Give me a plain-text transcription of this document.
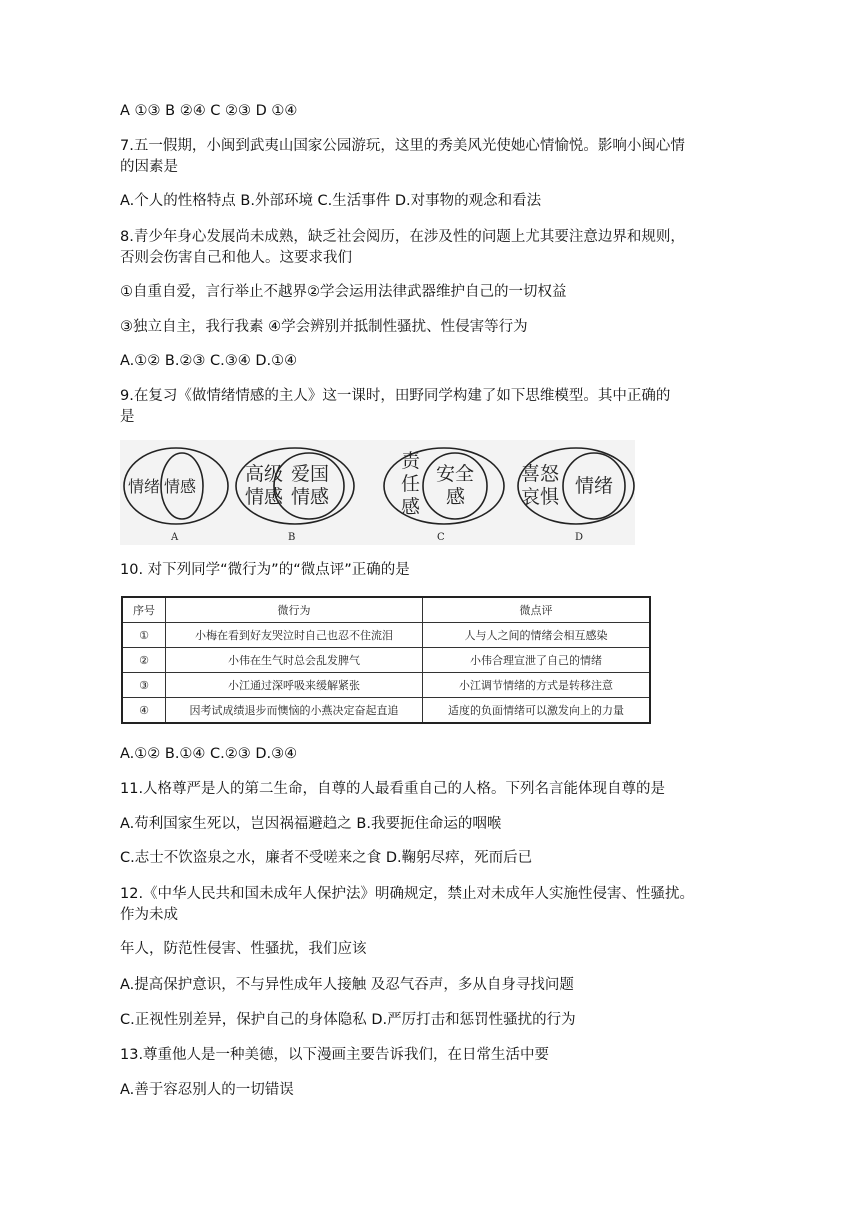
A ①③ B ②④ C ②③ D ①④
7.五一假期，小闽到武夷山国家公园游玩，这里的秀美风光使她心情愉悦。影响小闽心情
的因素是
A.个人的性格特点 B.外部环境 C.生活事件 D.对事物的观念和看法
8.青少年身心发展尚未成熟，缺乏社会阅历，在涉及性的问题上尤其要注意边界和规则，
否则会伤害自己和他人。这要求我们
①自重自爱，言行举止不越界②学会运用法律武器维护自己的一切权益
③独立自主，我行我素 ④学会辨别并抵制性骚扰、性侵害等行为
A.①② B.②③ C.③④ D.①④
9.在复习《做情绪情感的主人》这一课时，田野同学构建了如下思维模型。其中正确的
是
情绪 情感
高级
情感
爱国
情感
责
任
感
安全
感
喜怒
哀惧 情绪
A	B	C	D
10. 对下列同学“微行为”的“微点评”正确的是
序号	微行为	微点评
①	小梅在看到好友哭泣时自己也忍不住流泪	人与人之间的情绪会相互感染
②	小伟在生气时总会乱发脾气	小伟合理宣泄了自己的情绪
③	小江通过深呼吸来缓解紧张	小江调节情绪的方式是转移注意
④	因考试成绩退步而懊恼的小燕决定奋起直追	适度的负面情绪可以激发向上的力量
A.①② B.①④ C.②③ D.③④
11.人格尊严是人的第二生命，自尊的人最看重自己的人格。下列名言能体现自尊的是
A.苟利国家生死以，岂因祸福避趋之 B.我要扼住命运的咽喉
C.志士不饮盗泉之水，廉者不受嗟来之食 D.鞠躬尽瘁，死而后已
12.《中华人民共和国未成年人保护法》明确规定，禁止对未成年人实施性侵害、性骚扰。
作为未成
年人，防范性侵害、性骚扰，我们应该
A.提高保护意识，不与异性成年人接触 及忍气吞声，多从自身寻找问题
C.正视性别差异，保护自己的身体隐私 D.严厉打击和惩罚性骚扰的行为
13.尊重他人是一种美德，以下漫画主要告诉我们，在日常生活中要
A.善于容忍别人的一切错误
